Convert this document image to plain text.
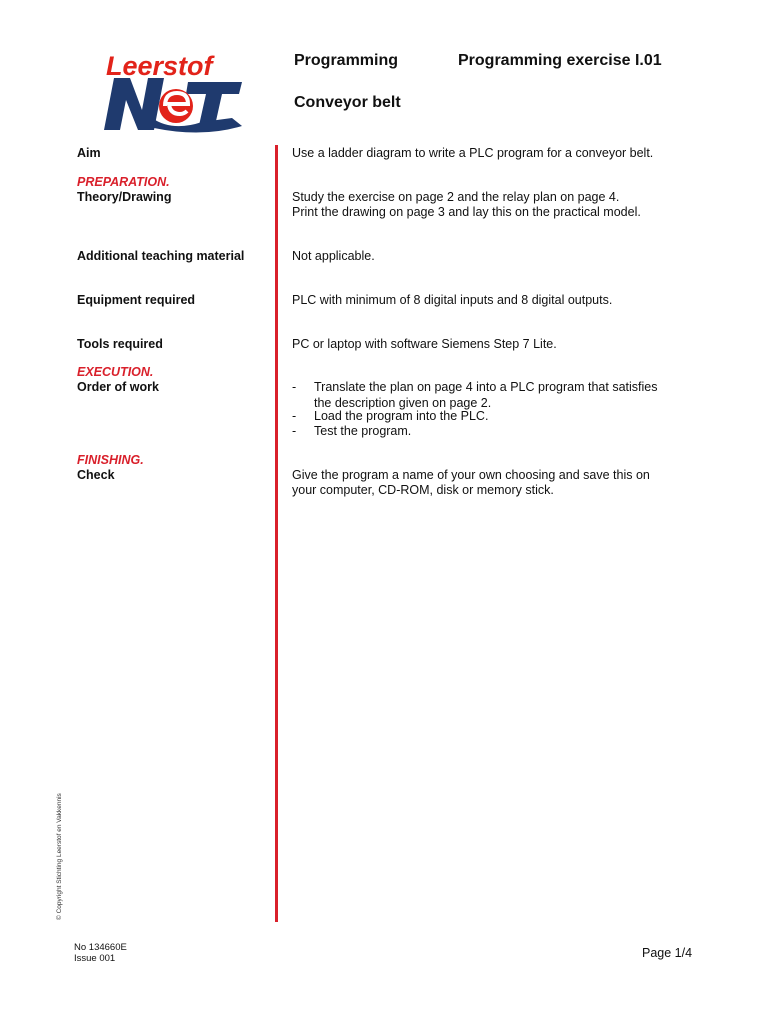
Leerstof	Programming	Programming exercise I.01
Conveyor belt
Aim	Use a ladder diagram to write a PLC program for a conveyor belt.
PREPARATION.
Theory/Drawing	Study the exercise on page 2 and the relay plan on page 4.
Print the drawing on page 3 and lay this on the practical model.
Additional teaching material	Not applicable.
Equipment required	PLC with minimum of 8 digital inputs and 8 digital outputs.
Tools required	PC or laptop with software Siemens Step 7 Lite.
EXECUTION.
Order of work	- Translate the plan on page 4 into a PLC program that satisfies
the description given on page 2.
- Load the program into the PLC.
- Test the program.
FINISHING.
Check	Give the program a name of your own choosing and save this on
your computer, CD-ROM, disk or memory stick.
© Copyright Stichting Leerstof en Vakkennis
No 134660E
Issue 001	Page 1/4
